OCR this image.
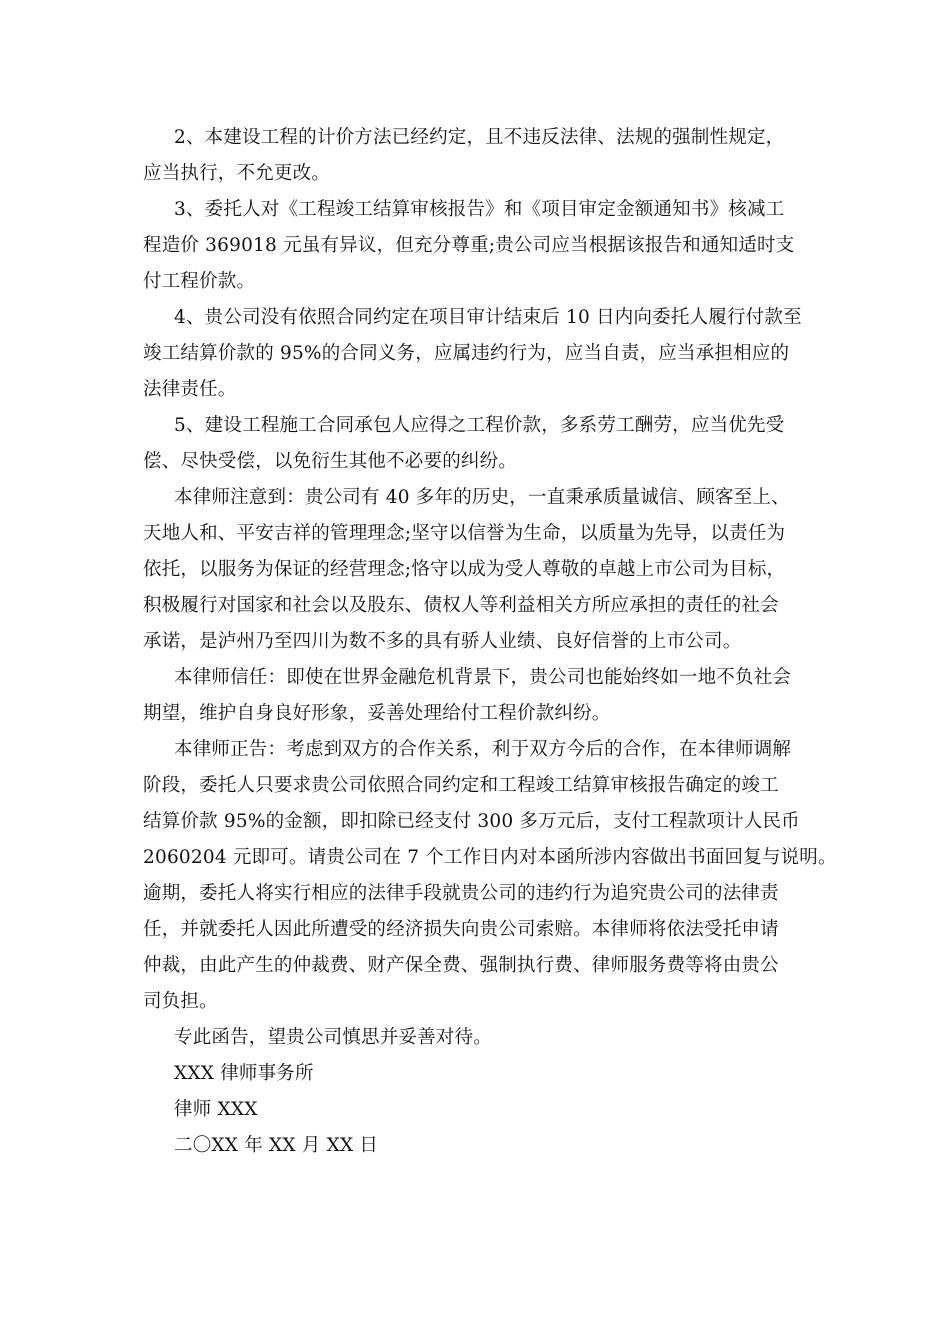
2、本建设工程的计价方法已经约定，且不违反法律、法规的强制性规定，
应当执行，不允更改。
3、委托人对《工程竣工结算审核报告》和《项目审定金额通知书》核减工
程造价 369018 元虽有异议，但充分尊重;贵公司应当根据该报告和通知适时支
付工程价款。
4、贵公司没有依照合同约定在项目审计结束后 10 日内向委托人履行付款至
竣工结算价款的 95%的合同义务，应属违约行为，应当自责，应当承担相应的
法律责任。
5、建设工程施工合同承包人应得之工程价款，多系劳工酬劳，应当优先受
偿、尽快受偿，以免衍生其他不必要的纠纷。
本律师注意到：贵公司有 40 多年的历史，一直秉承质量诚信、顾客至上、
天地人和、平安吉祥的管理理念;坚守以信誉为生命，以质量为先导，以责任为
依托，以服务为保证的经营理念;恪守以成为受人尊敬的卓越上市公司为目标，
积极履行对国家和社会以及股东、债权人等利益相关方所应承担的责任的社会
承诺，是泸州乃至四川为数不多的具有骄人业绩、良好信誉的上市公司。
本律师信任：即使在世界金融危机背景下，贵公司也能始终如一地不负社会
期望，维护自身良好形象，妥善处理给付工程价款纠纷。
本律师正告：考虑到双方的合作关系，利于双方今后的合作，在本律师调解
阶段，委托人只要求贵公司依照合同约定和工程竣工结算审核报告确定的竣工
结算价款 95%的金额，即扣除已经支付 300 多万元后，支付工程款项计人民币
2060204 元即可。请贵公司在 7 个工作日内对本函所涉内容做出书面回复与说明。
逾期，委托人将实行相应的法律手段就贵公司的违约行为追究贵公司的法律责
任，并就委托人因此所遭受的经济损失向贵公司索赔。本律师将依法受托申请
仲裁，由此产生的仲裁费、财产保全费、强制执行费、律师服务费等将由贵公
司负担。
专此函告，望贵公司慎思并妥善对待。
XXX 律师事务所
律师 XXX
二〇XX 年 XX 月 XX 日
